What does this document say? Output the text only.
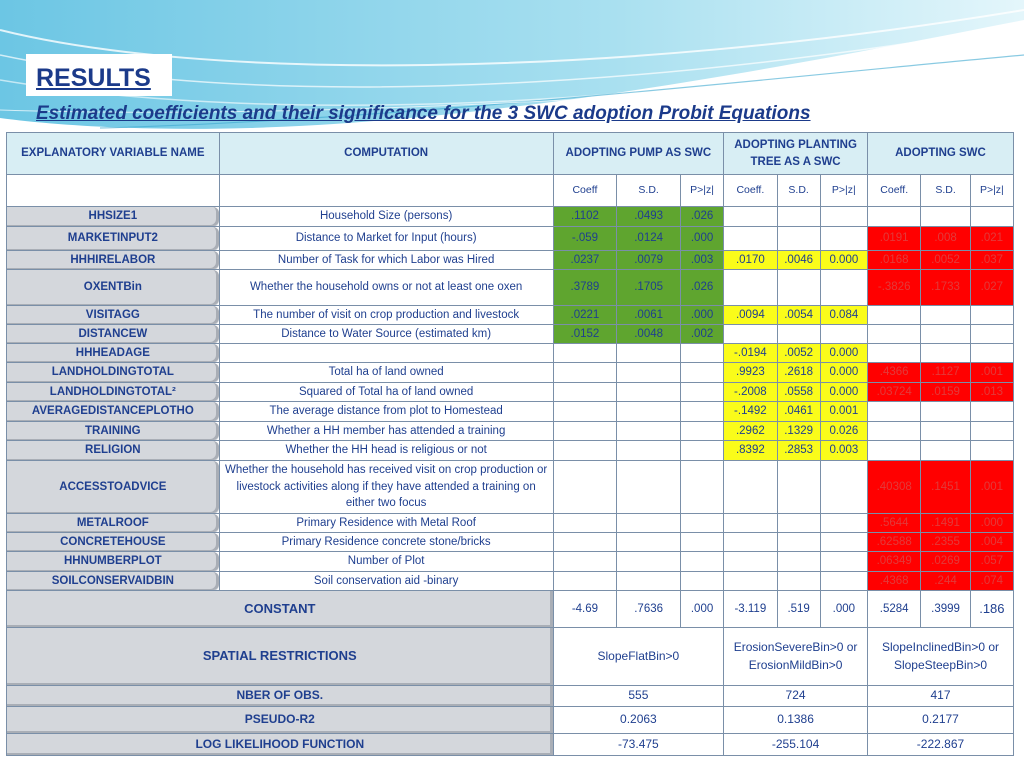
RESULTS
Estimated coefficients and their significance for the 3 SWC adoption Probit Equations
EXPLANATORY VARIABLE NAME	COMPUTATION	ADOPTING PUMP AS SWC			ADOPTING PLANTING TREE AS A SWC			ADOPTING SWC		
		Coeff	S.D.	P>|z|	Coeff.	S.D.	P>|z|	Coeff.	S.D.	P>|z|
HHSIZE1	Household Size (persons)	.1102	.0493	.026						
MARKETINPUT2	Distance to Market for Input (hours)	-.059	.0124	.000				.0191	.008	.021
HHHIRELABOR	Number of Task for which Labor was Hired	.0237	.0079	.003	.0170	.0046	0.000	.0168	.0052	.037
OXENTBin	Whether the household owns or not at least one oxen	.3789	.1705	.026				-.3826	.1733	.027
VISITAGG	The number of visit on crop production and livestock	.0221	.0061	.000	.0094	.0054	0.084			
DISTANCEW	Distance to Water Source (estimated km)	.0152	.0048	.002						
HHHEADAGE					-.0194	.0052	0.000			
LANDHOLDINGTOTAL	Total ha of land owned				.9923	.2618	0.000	.4366	.1127	.001
LANDHOLDINGTOTAL²	Squared of Total ha of land owned				-.2008	.0558	0.000	.03724	.0159	.013
AVERAGEDISTANCEPLOTHO	The average distance from plot to Homestead				-.1492	.0461	0.001			
TRAINING	Whether a HH member has attended a training				.2962	.1329	0.026			
RELIGION	Whether the HH head is religious or not				.8392	.2853	0.003			
ACCESSTOADVICE	Whether the household has received visit on crop production or livestock activities along if they have attended a training on either two focus							.40308	.1451	.001
METALROOF	Primary Residence with Metal Roof							.5644	.1491	.000
CONCRETEHOUSE	Primary Residence concrete stone/bricks							.62588	.2355	.004
HHNUMBERPLOT	Number of Plot							.06349	.0269	.057
SOILCONSERVAIDBIN	Soil conservation aid -binary							.4368	.244	.074
CONSTANT		-4.69	.7636	.000	-3.119	.519	.000	.5284	.3999	.186
SPATIAL RESTRICTIONS		SlopeFlatBin>0			ErosionSevereBin>0 or ErosionMildBin>0			SlopeInclinedBin>0 or SlopeSteepBin>0		
NBER OF OBS.		555			724			417		
PSEUDO-R2		0.2063			0.1386			0.2177		
LOG LIKELIHOOD FUNCTION		-73.475			-255.104			-222.867		
